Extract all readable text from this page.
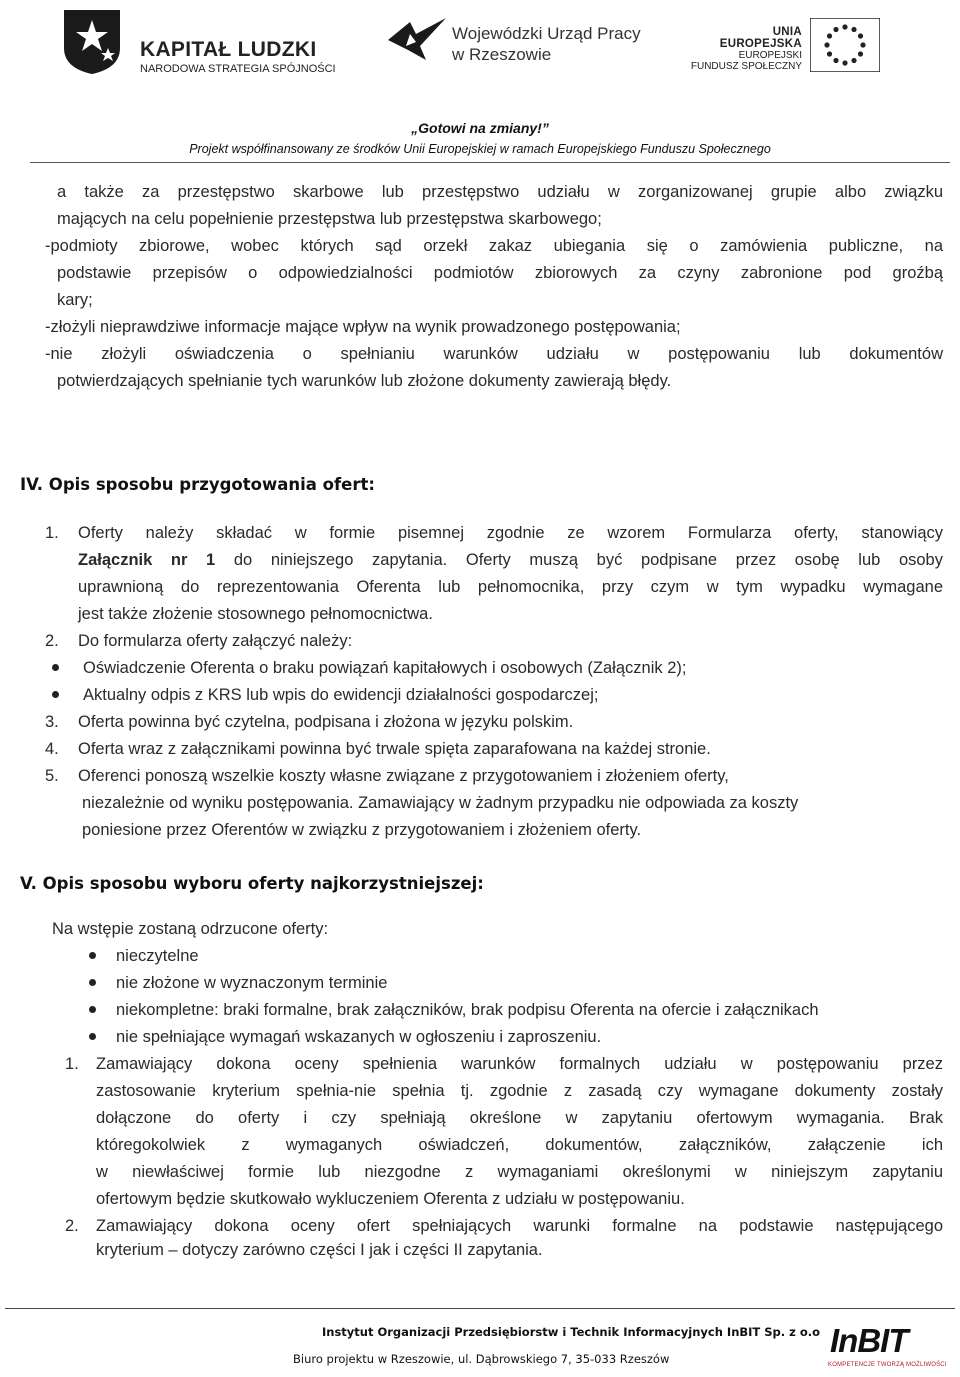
KAPITAŁ LUDZKI
NARODOWA STRATEGIA SPÓJNOŚCI
Wojewódzki Urząd Pracy
w Rzeszowie
UNIA EUROPEJSKA
EUROPEJSKI
FUNDUSZ SPOŁECZNY
„Gotowi na zmiany!”
Projekt współfinansowany ze środków Unii Europejskiej w ramach Europejskiego Funduszu Społecznego
a także za przestępstwo skarbowe lub przestępstwo udziału w zorganizowanej grupie albo związku
mających na celu popełnienie przestępstwa lub przestępstwa skarbowego;
-podmioty zbiorowe, wobec których sąd orzekł zakaz ubiegania się o zamówienia publiczne, na
podstawie przepisów o odpowiedzialności podmiotów zbiorowych za czyny zabronione pod groźbą
kary;
-złożyli nieprawdziwe informacje mające wpływ na wynik prowadzonego postępowania;
-nie złożyli oświadczenia o spełnianiu warunków udziału w postępowaniu lub dokumentów
potwierdzających spełnianie tych warunków lub złożone dokumenty zawierają błędy.
IV. Opis sposobu przygotowania ofert:
1. Oferty należy składać w formie pisemnej zgodnie ze wzorem Formularza oferty, stanowiący
Załącznik nr 1 do niniejszego zapytania. Oferty muszą być podpisane przez osobę lub osoby
uprawnioną do reprezentowania Oferenta lub pełnomocnika, przy czym w tym wypadku wymagane
jest także złożenie stosownego pełnomocnictwa.
2. Do formularza oferty załączyć należy:
Oświadczenie Oferenta o braku powiązań kapitałowych i osobowych (Załącznik 2);
Aktualny odpis z KRS lub wpis do ewidencji działalności gospodarczej;
3. Oferta powinna być czytelna, podpisana i złożona w języku polskim.
4. Oferta wraz z załącznikami powinna być trwale spięta zaparafowana na każdej stronie.
5. Oferenci ponoszą wszelkie koszty własne związane z przygotowaniem i złożeniem oferty,
niezależnie od wyniku postępowania. Zamawiający w żadnym przypadku nie odpowiada za koszty
poniesione przez Oferentów w związku z przygotowaniem i złożeniem oferty.
V. Opis sposobu wyboru oferty najkorzystniejszej:
Na wstępie zostaną odrzucone oferty:
nieczytelne
nie złożone w wyznaczonym terminie
niekompletne: braki formalne, brak załączników, brak podpisu Oferenta na ofercie i załącznikach
nie spełniające wymagań wskazanych w ogłoszeniu i zaproszeniu.
1. Zamawiający dokona oceny spełnienia warunków formalnych udziału w postępowaniu przez
zastosowanie kryterium spełnia-nie spełnia tj. zgodnie z zasadą czy wymagane dokumenty zostały
dołączone do oferty i czy spełniają określone w zapytaniu ofertowym wymagania. Brak
któregokolwiek z wymaganych oświadczeń, dokumentów, załączników, załączenie ich
w niewłaściwej formie lub niezgodne z wymaganiami określonymi w niniejszym zapytaniu
ofertowym będzie skutkowało wykluczeniem Oferenta z udziału w postępowaniu.
2. Zamawiający dokona oceny ofert spełniających warunki formalne na podstawie następującego
kryterium – dotyczy zarówno części I jak i części II zapytania.
Instytut Organizacji Przedsiębiorstw i Technik Informacyjnych InBIT Sp. z o.o
Biuro projektu w Rzeszowie, ul. Dąbrowskiego 7, 35-033 Rzeszów	InBIT
KOMPETENCJE TWORZĄ MOŻLIWOŚCI
